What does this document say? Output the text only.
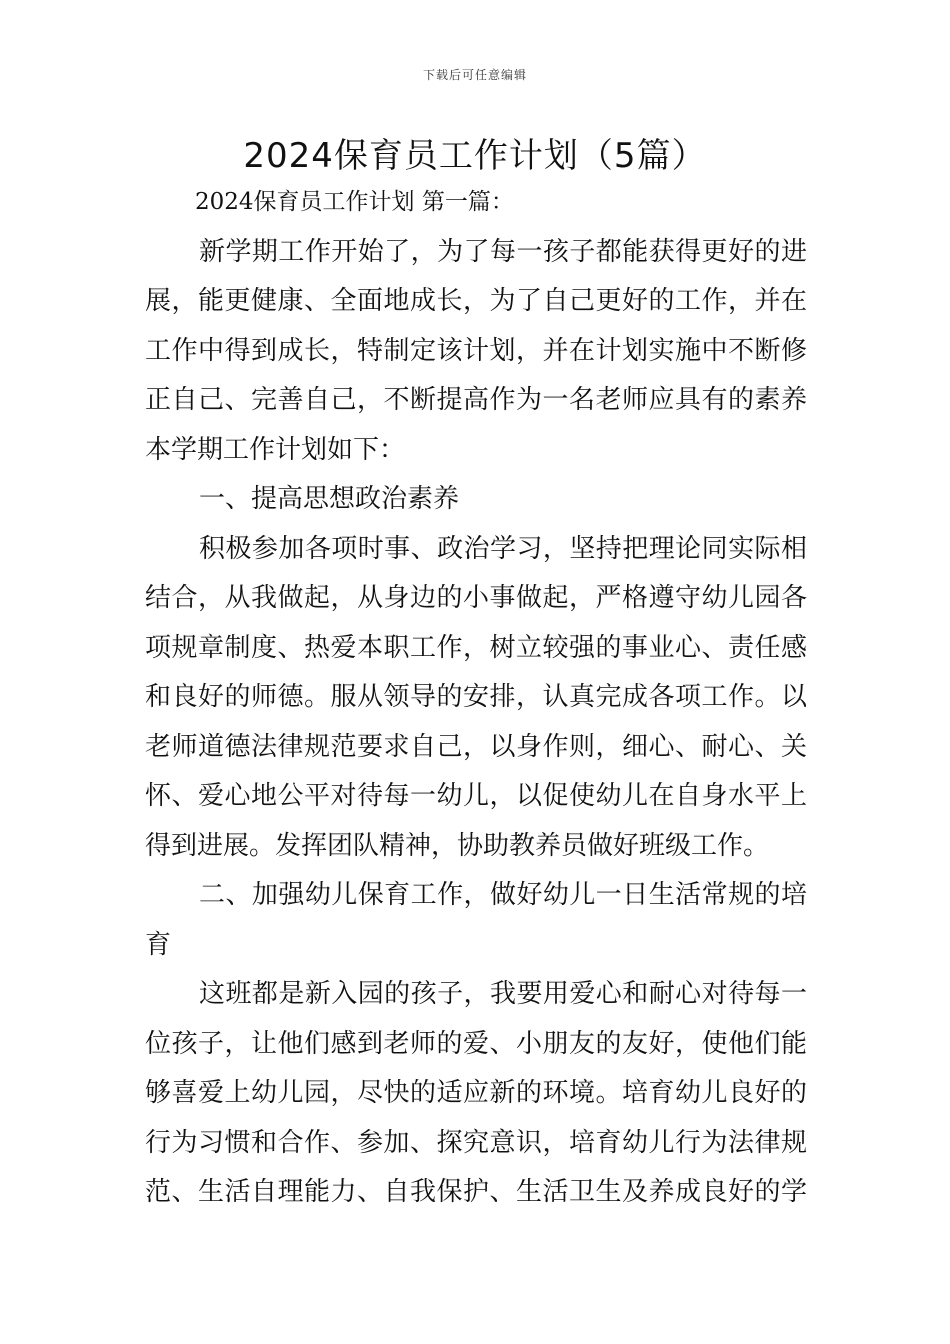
下载后可任意编辑
2024保育员工作计划（5篇）
2024保育员工作计划 第一篇：
新学期工作开始了，为了每一孩子都能获得更好的进
展，能更健康、全面地成长，为了自己更好的工作，并在
工作中得到成长，特制定该计划，并在计划实施中不断修
正自己、完善自己，不断提高作为一名老师应具有的素养
本学期工作计划如下：
一、提高思想政治素养
积极参加各项时事、政治学习，坚持把理论同实际相
结合，从我做起，从身边的小事做起，严格遵守幼儿园各
项规章制度、热爱本职工作，树立较强的事业心、责任感
和良好的师德。服从领导的安排，认真完成各项工作。以
老师道德法律规范要求自己，以身作则，细心、耐心、关
怀、爱心地公平对待每一幼儿，以促使幼儿在自身水平上
得到进展。发挥团队精神，协助教养员做好班级工作。
二、加强幼儿保育工作，做好幼儿一日生活常规的培
育
这班都是新入园的孩子，我要用爱心和耐心对待每一
位孩子，让他们感到老师的爱、小朋友的友好，使他们能
够喜爱上幼儿园，尽快的适应新的环境。培育幼儿良好的
行为习惯和合作、参加、探究意识，培育幼儿行为法律规
范、生活自理能力、自我保护、生活卫生及养成良好的学
